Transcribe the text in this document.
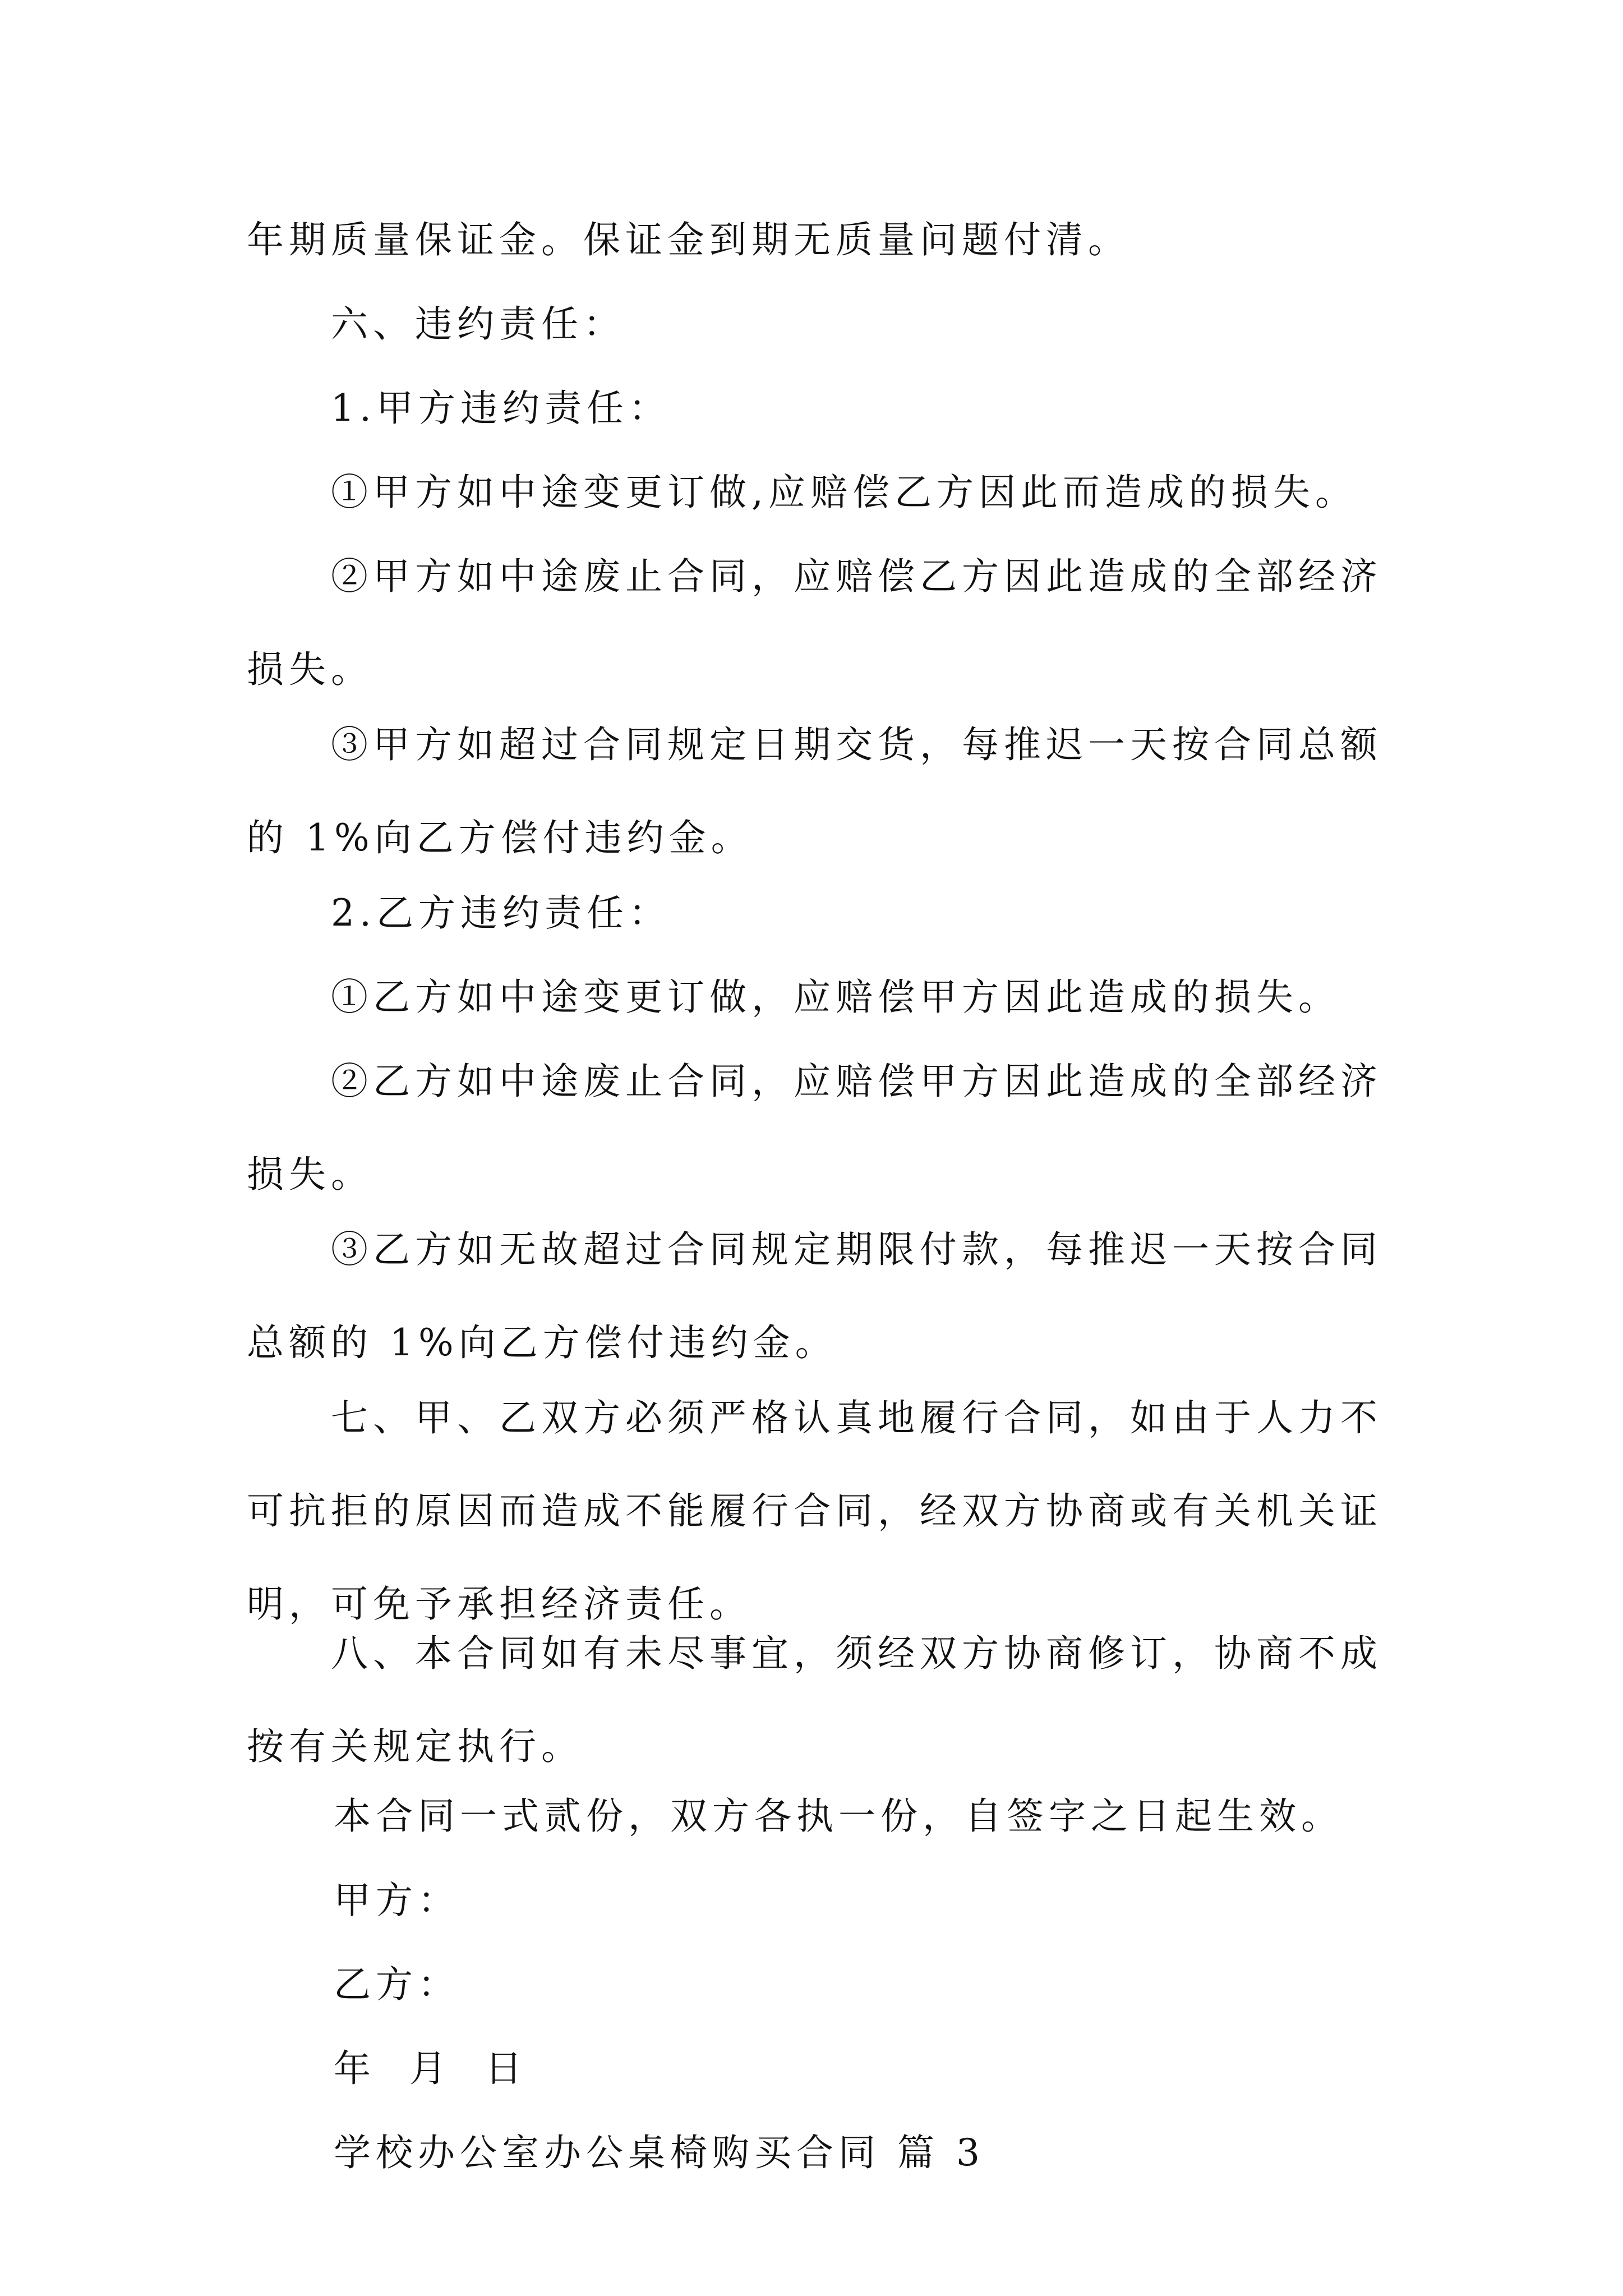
年期质量保证金。保证金到期无质量问题付清。

六、违约责任：

1.甲方违约责任：

①甲方如中途变更订做,应赔偿乙方因此而造成的损失。

②甲方如中途废止合同，应赔偿乙方因此造成的全部经济损失。

③甲方如超过合同规定日期交货，每推迟一天按合同总额的 1%向乙方偿付违约金。

2.乙方违约责任：

①乙方如中途变更订做，应赔偿甲方因此造成的损失。

②乙方如中途废止合同，应赔偿甲方因此造成的全部经济损失。

③乙方如无故超过合同规定期限付款，每推迟一天按合同总额的 1%向乙方偿付违约金。

七、甲、乙双方必须严格认真地履行合同，如由于人力不可抗拒的原因而造成不能履行合同，经双方协商或有关机关证明，可免予承担经济责任。

八、本合同如有未尽事宜，须经双方协商修订，协商不成按有关规定执行。

本合同一式贰份，双方各执一份，自签字之日起生效。

甲方：

乙方：

年  月  日

学校办公室办公桌椅购买合同 篇 3
